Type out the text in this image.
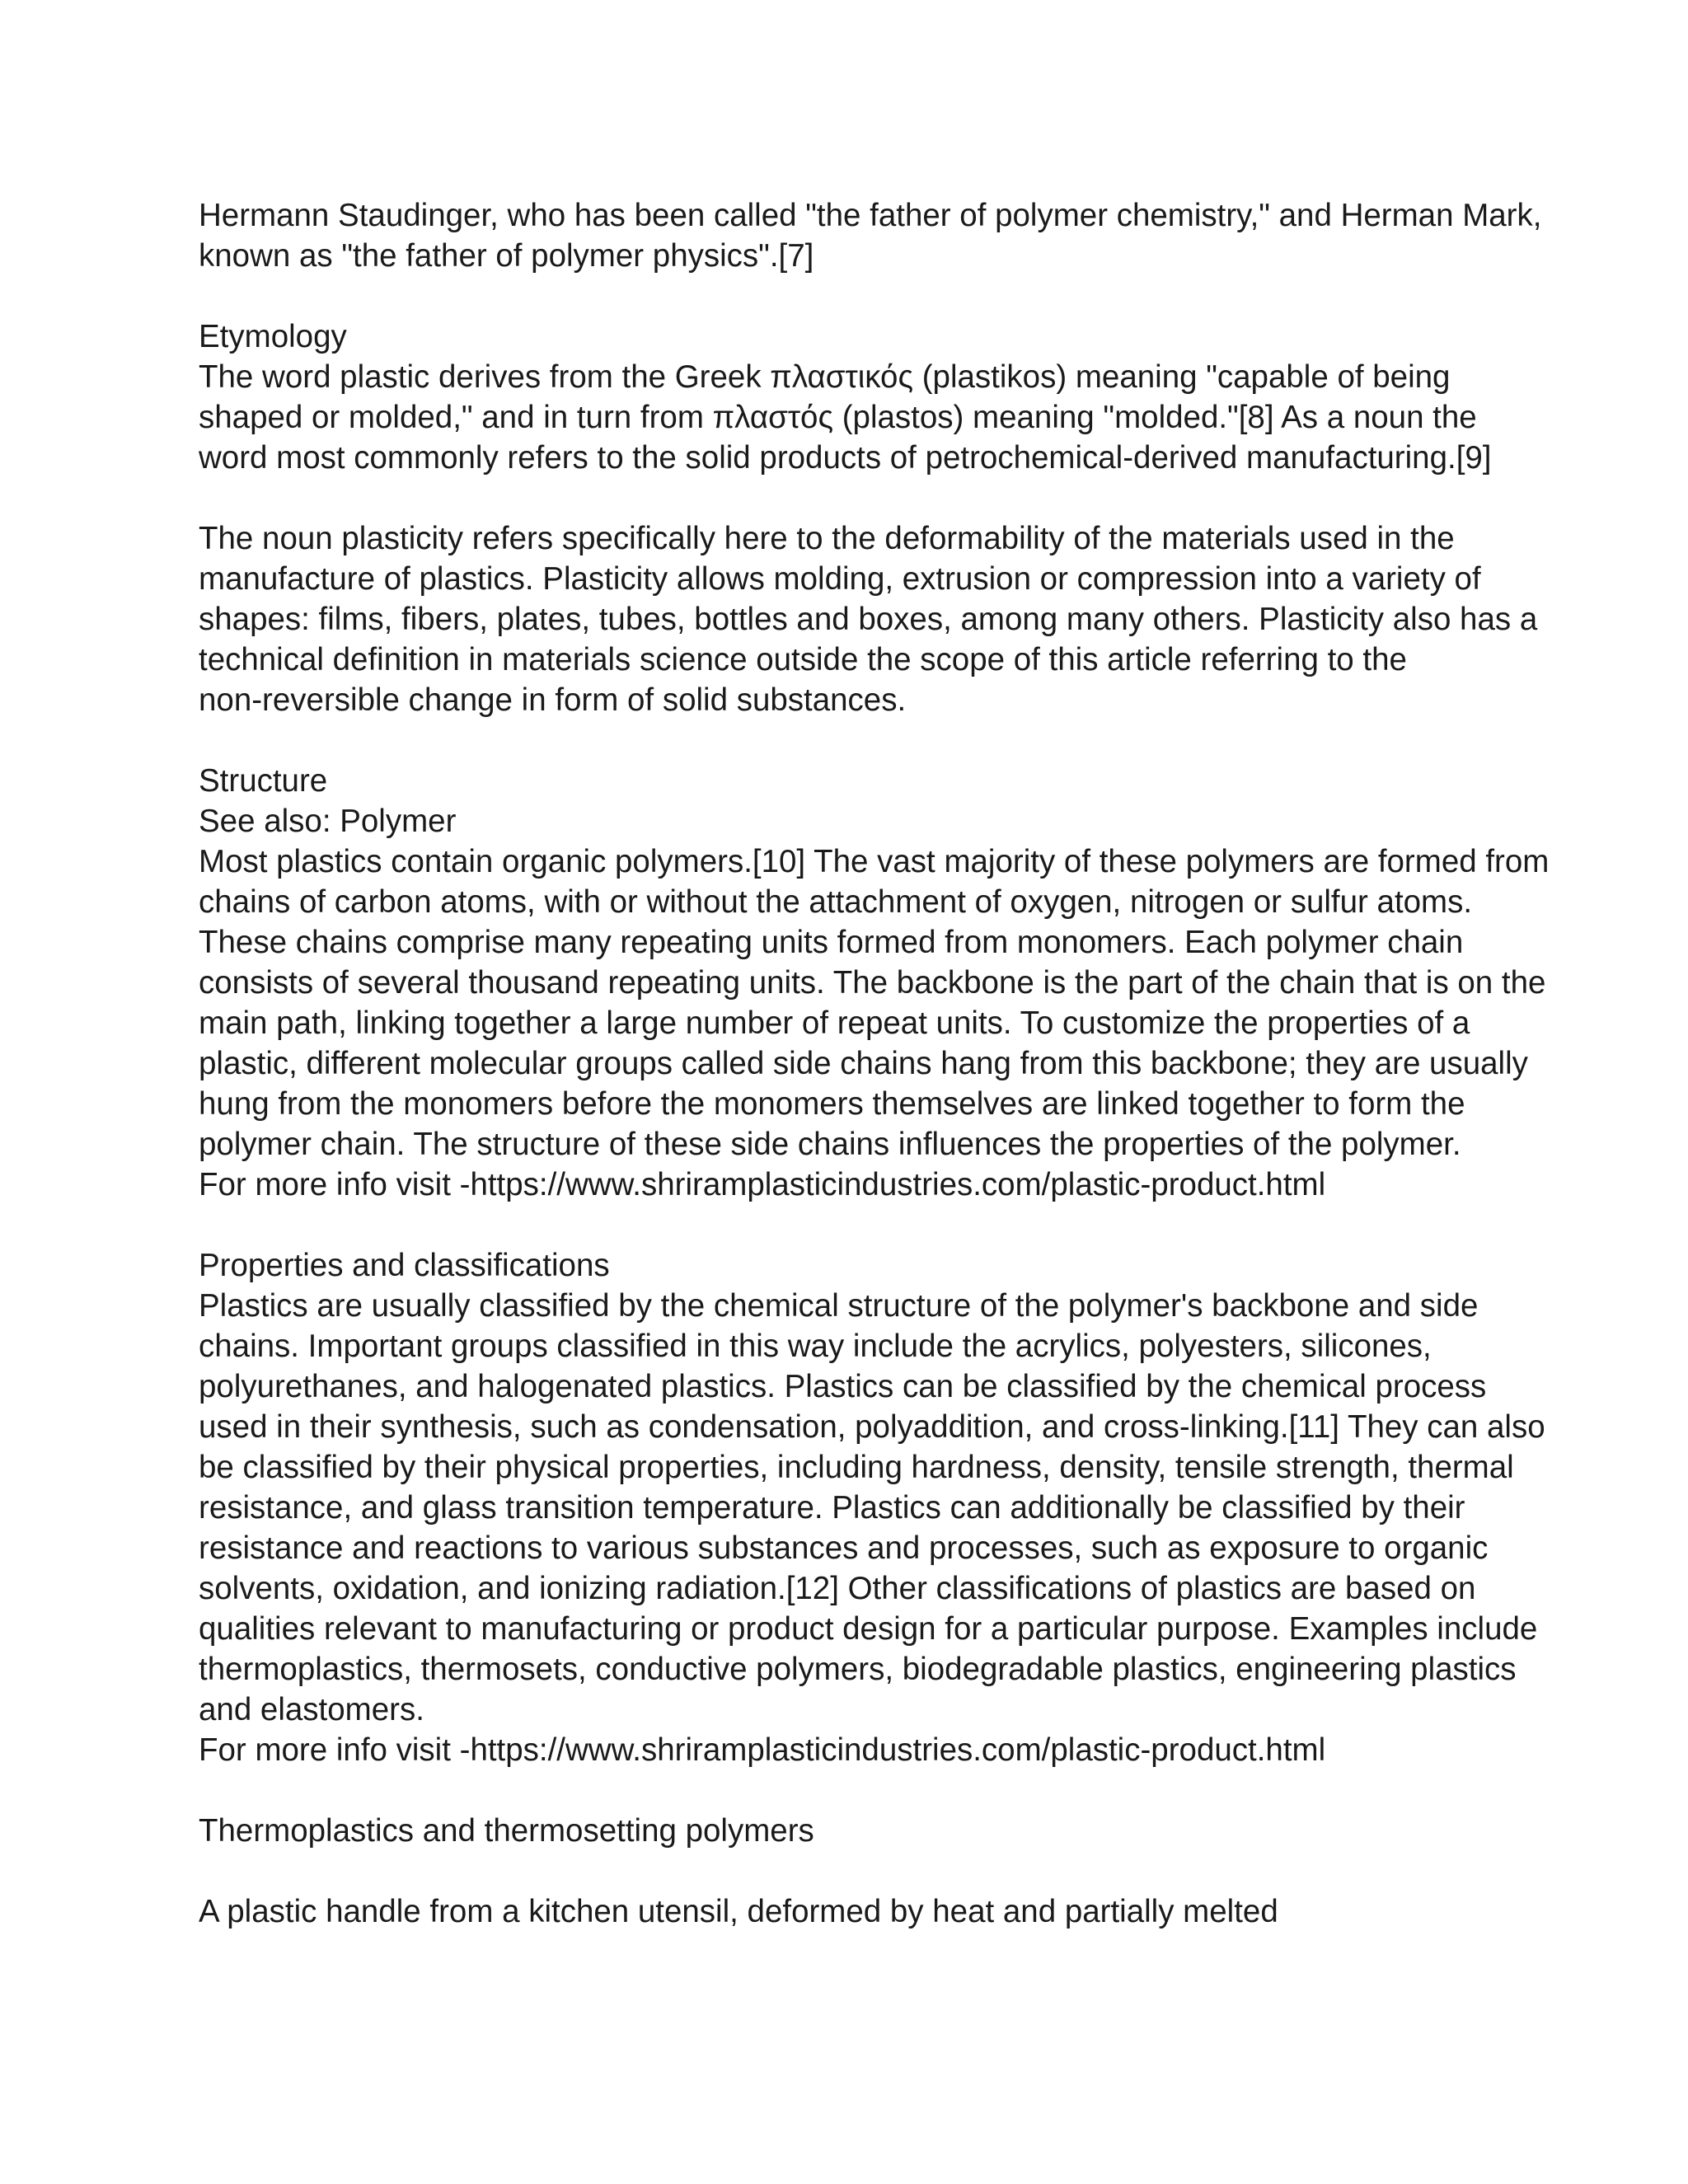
Hermann Staudinger, who has been called "the father of polymer chemistry," and Herman Mark,

known as "the father of polymer physics".[7]

Etymology

The word plastic derives from the Greek πλαστικός (plastikos) meaning "capable of being

shaped or molded," and in turn from πλαστός (plastos) meaning "molded."[8] As a noun the

word most commonly refers to the solid products of petrochemical-derived manufacturing.[9]

The noun plasticity refers specifically here to the deformability of the materials used in the

manufacture of plastics. Plasticity allows molding, extrusion or compression into a variety of

shapes: films, fibers, plates, tubes, bottles and boxes, among many others. Plasticity also has a

technical definition in materials science outside the scope of this article referring to the

non-reversible change in form of solid substances.

Structure

See also: Polymer

Most plastics contain organic polymers.[10] The vast majority of these polymers are formed from

chains of carbon atoms, with or without the attachment of oxygen, nitrogen or sulfur atoms.

These chains comprise many repeating units formed from monomers. Each polymer chain

consists of several thousand repeating units. The backbone is the part of the chain that is on the

main path, linking together a large number of repeat units. To customize the properties of a

plastic, different molecular groups called side chains hang from this backbone; they are usually

hung from the monomers before the monomers themselves are linked together to form the

polymer chain. The structure of these side chains influences the properties of the polymer.

For more info visit -https://www.shriramplasticindustries.com/plastic-product.html

Properties and classifications

Plastics are usually classified by the chemical structure of the polymer's backbone and side

chains. Important groups classified in this way include the acrylics, polyesters, silicones,

polyurethanes, and halogenated plastics. Plastics can be classified by the chemical process

used in their synthesis, such as condensation, polyaddition, and cross-linking.[11] They can also

be classified by their physical properties, including hardness, density, tensile strength, thermal

resistance, and glass transition temperature. Plastics can additionally be classified by their

resistance and reactions to various substances and processes, such as exposure to organic

solvents, oxidation, and ionizing radiation.[12] Other classifications of plastics are based on

qualities relevant to manufacturing or product design for a particular purpose. Examples include

thermoplastics, thermosets, conductive polymers, biodegradable plastics, engineering plastics

and elastomers.

For more info visit -https://www.shriramplasticindustries.com/plastic-product.html

Thermoplastics and thermosetting polymers

A plastic handle from a kitchen utensil, deformed by heat and partially melted
